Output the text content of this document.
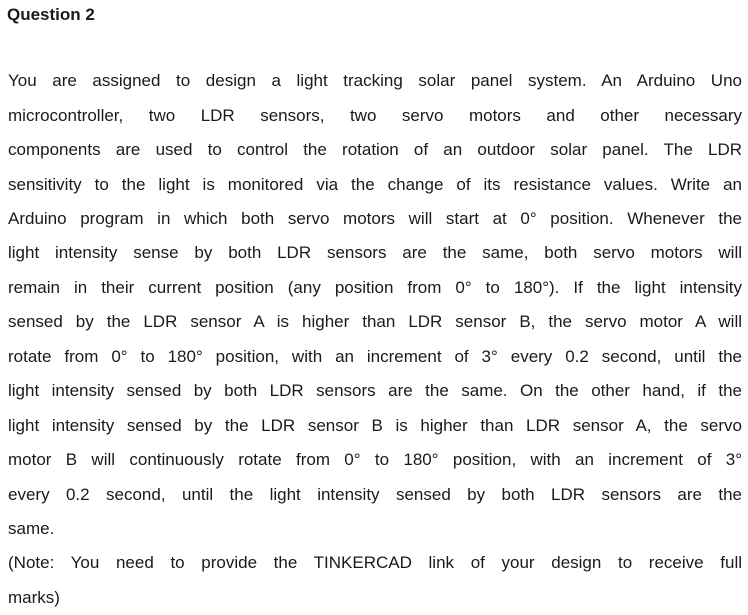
Question 2
You are assigned to design a light tracking solar panel system. An Arduino Uno
microcontroller, two LDR sensors, two servo motors and other necessary
components are used to control the rotation of an outdoor solar panel. The LDR
sensitivity to the light is monitored via the change of its resistance values. Write an
Arduino program in which both servo motors will start at 0° position. Whenever the
light intensity sense by both LDR sensors are the same, both servo motors will
remain in their current position (any position from 0° to 180°). If the light intensity
sensed by the LDR sensor A is higher than LDR sensor B, the servo motor A will
rotate from 0° to 180° position, with an increment of 3° every 0.2 second, until the
light intensity sensed by both LDR sensors are the same. On the other hand, if the
light intensity sensed by the LDR sensor B is higher than LDR sensor A, the servo
motor B will continuously rotate from 0° to 180° position, with an increment of 3°
every 0.2 second, until the light intensity sensed by both LDR sensors are the
same.
(Note: You need to provide the TINKERCAD link of your design to receive full
marks)
